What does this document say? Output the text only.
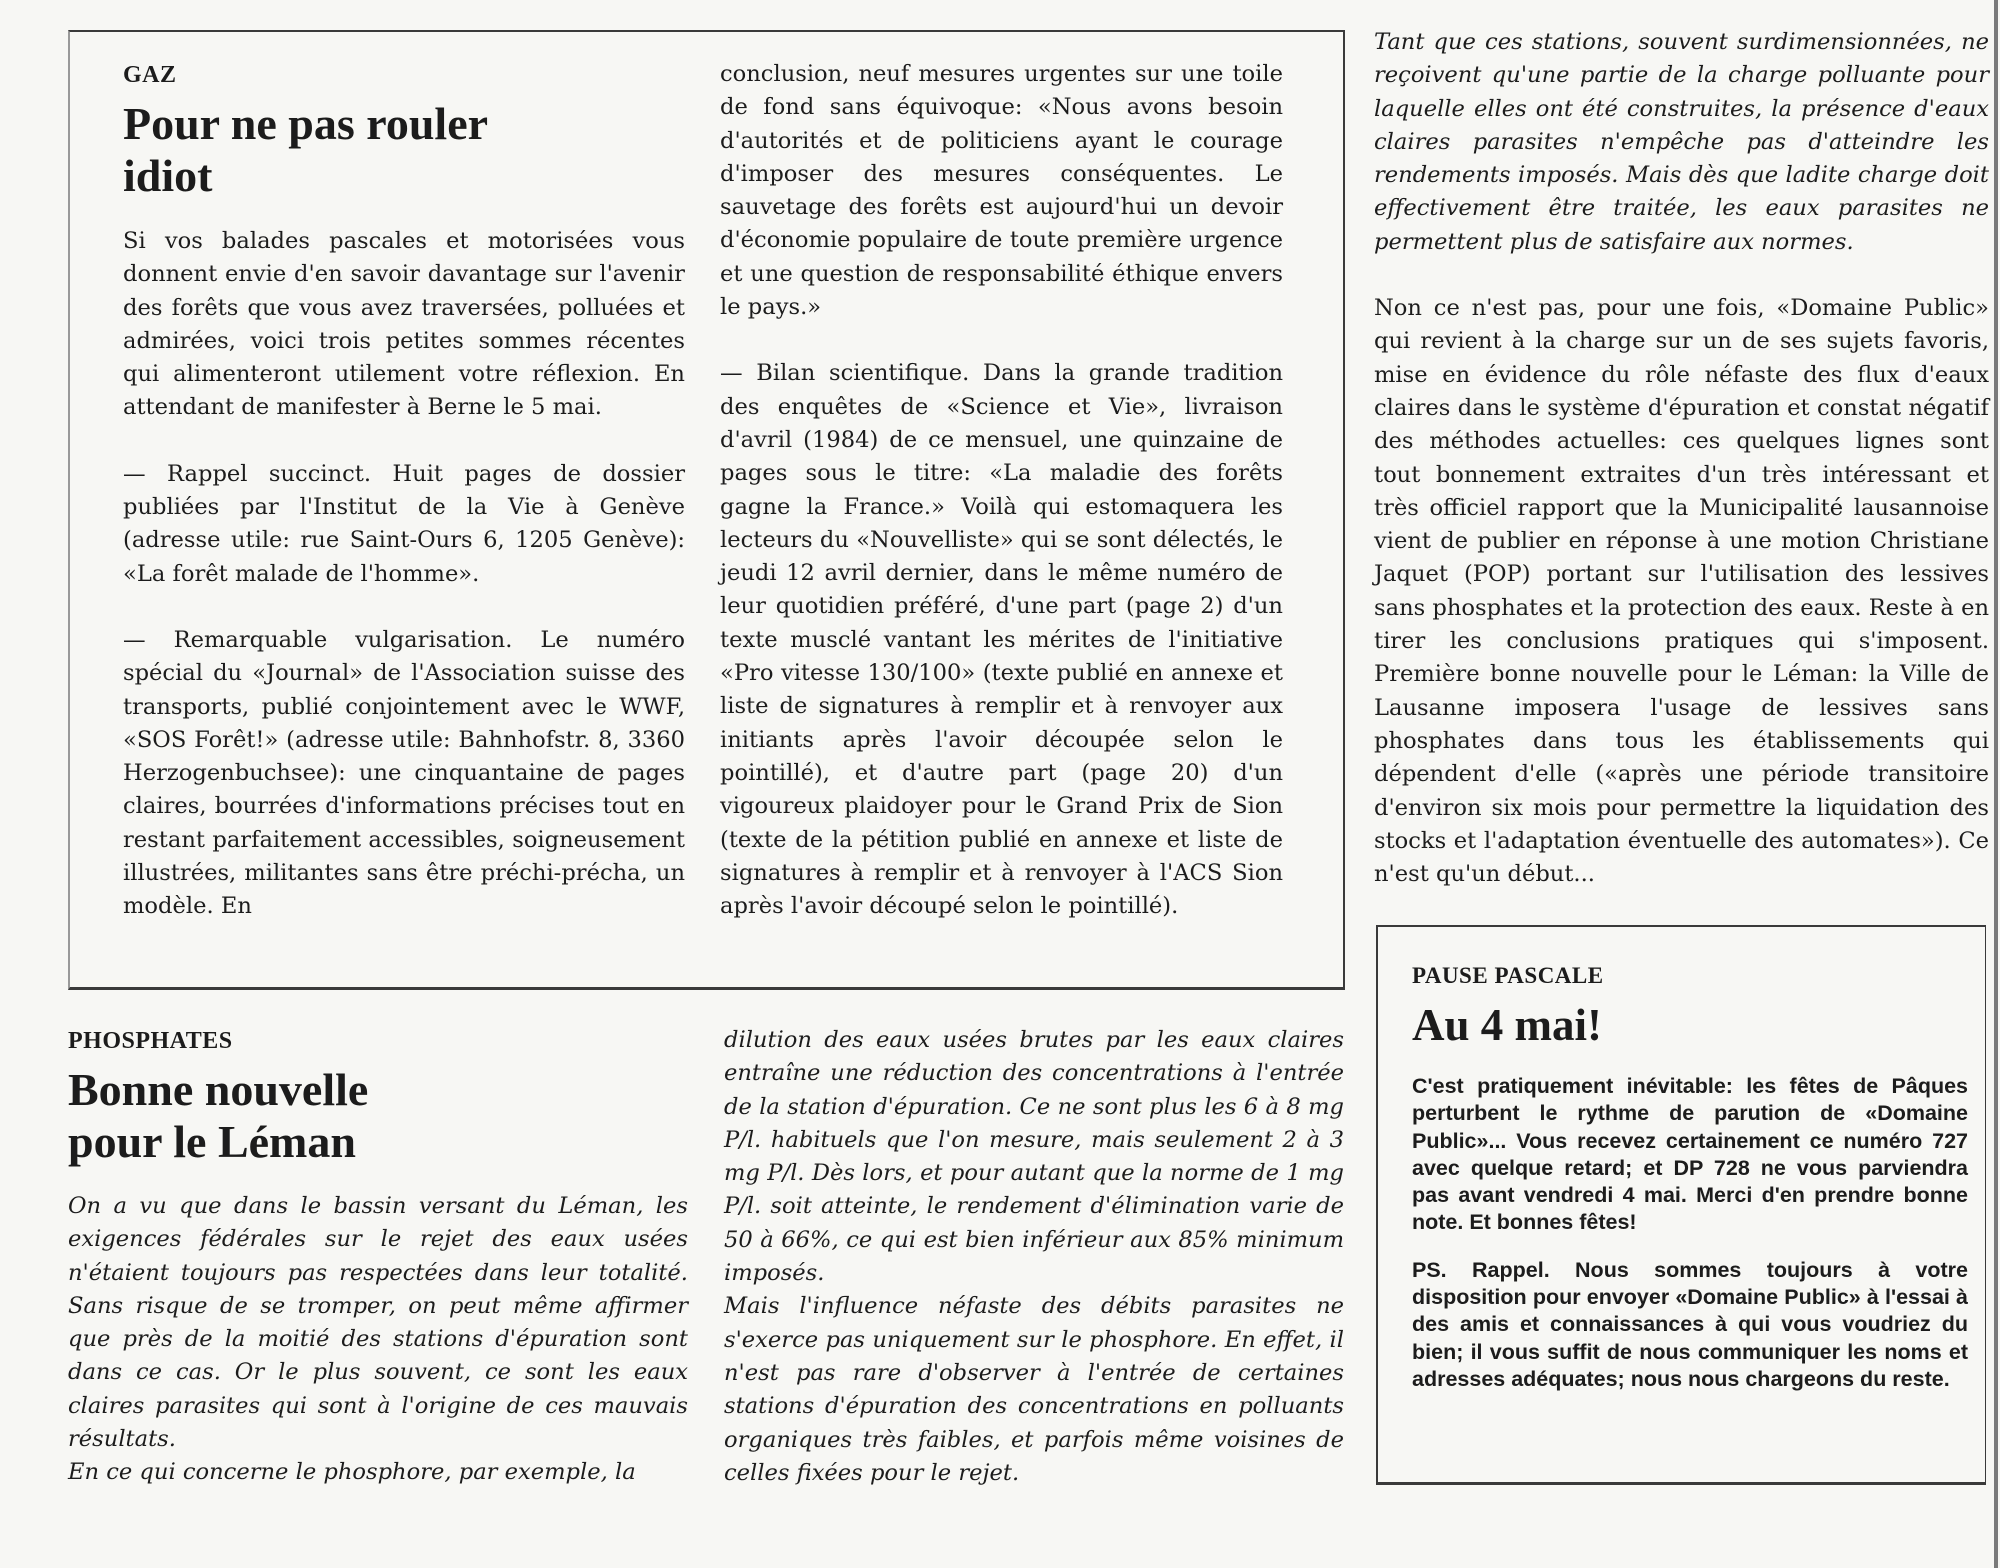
GAZ
Pour ne pas rouler
idiot

Si vos balades pascales et motorisées vous donnent envie d'en savoir davantage sur l'avenir des forêts que vous avez traversées, polluées et admirées, voici trois petites sommes récentes qui alimenteront utilement votre réflexion. En attendant de manifester à Berne le 5 mai.

— Rappel succinct. Huit pages de dossier publiées par l'Institut de la Vie à Genève (adresse utile: rue Saint-Ours 6, 1205 Genève): «La forêt malade de l'homme».

— Remarquable vulgarisation. Le numéro spécial du «Journal» de l'Association suisse des transports, publié conjointement avec le WWF, «SOS Forêt!» (adresse utile: Bahnhofstr. 8, 3360 Herzogenbuchsee): une cinquantaine de pages claires, bourrées d'informations précises tout en restant parfaitement accessibles, soigneusement illustrées, militantes sans être préchi-précha, un modèle. En

conclusion, neuf mesures urgentes sur une toile de fond sans équivoque: «Nous avons besoin d'autorités et de politiciens ayant le courage d'imposer des mesures conséquentes. Le sauvetage des forêts est aujourd'hui un devoir d'économie populaire de toute première urgence et une question de responsabilité éthique envers le pays.»

— Bilan scientifique. Dans la grande tradition des enquêtes de «Science et Vie», livraison d'avril (1984) de ce mensuel, une quinzaine de pages sous le titre: «La maladie des forêts gagne la France.» Voilà qui estomaquera les lecteurs du «Nouvelliste» qui se sont délectés, le jeudi 12 avril dernier, dans le même numéro de leur quotidien préféré, d'une part (page 2) d'un texte musclé vantant les mérites de l'initiative «Pro vitesse 130/100» (texte publié en annexe et liste de signatures à remplir et à renvoyer aux initiants après l'avoir découpée selon le pointillé), et d'autre part (page 20) d'un vigoureux plaidoyer pour le Grand Prix de Sion (texte de la pétition publié en annexe et liste de signatures à remplir et à renvoyer à l'ACS Sion après l'avoir découpé selon le pointillé).

PHOSPHATES
Bonne nouvelle
pour le Léman

On a vu que dans le bassin versant du Léman, les exigences fédérales sur le rejet des eaux usées n'étaient toujours pas respectées dans leur totalité. Sans risque de se tromper, on peut même affirmer que près de la moitié des stations d'épuration sont dans ce cas. Or le plus souvent, ce sont les eaux claires parasites qui sont à l'origine de ces mauvais résultats.

En ce qui concerne le phosphore, par exemple, la

dilution des eaux usées brutes par les eaux claires entraîne une réduction des concentrations à l'entrée de la station d'épuration. Ce ne sont plus les 6 à 8 mg P/l. habituels que l'on mesure, mais seulement 2 à 3 mg P/l. Dès lors, et pour autant que la norme de 1 mg P/l. soit atteinte, le rendement d'élimination varie de 50 à 66%, ce qui est bien inférieur aux 85% minimum imposés.

Mais l'influence néfaste des débits parasites ne s'exerce pas uniquement sur le phosphore. En effet, il n'est pas rare d'observer à l'entrée de certaines stations d'épuration des concentrations en polluants organiques très faibles, et parfois même voisines de celles fixées pour le rejet.

Tant que ces stations, souvent surdimensionnées, ne reçoivent qu'une partie de la charge polluante pour laquelle elles ont été construites, la présence d'eaux claires parasites n'empêche pas d'atteindre les rendements imposés. Mais dès que ladite charge doit effectivement être traitée, les eaux parasites ne permettent plus de satisfaire aux normes.

Non ce n'est pas, pour une fois, «Domaine Public» qui revient à la charge sur un de ses sujets favoris, mise en évidence du rôle néfaste des flux d'eaux claires dans le système d'épuration et constat négatif des méthodes actuelles: ces quelques lignes sont tout bonnement extraites d'un très intéressant et très officiel rapport que la Municipalité lausannoise vient de publier en réponse à une motion Christiane Jaquet (POP) portant sur l'utilisation des lessives sans phosphates et la protection des eaux. Reste à en tirer les conclusions pratiques qui s'imposent. Première bonne nouvelle pour le Léman: la Ville de Lausanne imposera l'usage de lessives sans phosphates dans tous les établissements qui dépendent d'elle («après une période transitoire d'environ six mois pour permettre la liquidation des stocks et l'adaptation éventuelle des automates»). Ce n'est qu'un début...

PAUSE PASCALE
Au 4 mai!

C'est pratiquement inévitable: les fêtes de Pâques perturbent le rythme de parution de «Domaine Public»... Vous recevez certainement ce numéro 727 avec quelque retard; et DP 728 ne vous parviendra pas avant vendredi 4 mai. Merci d'en prendre bonne note. Et bonnes fêtes!

PS. Rappel. Nous sommes toujours à votre disposition pour envoyer «Domaine Public» à l'essai à des amis et connaissances à qui vous voudriez du bien; il vous suffit de nous communiquer les noms et adresses adéquates; nous nous chargeons du reste.
